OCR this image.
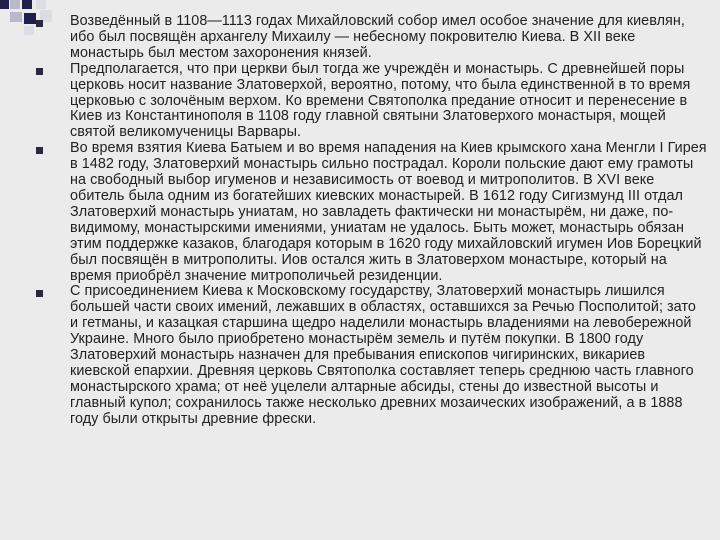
Возведённый в 1108—1113 годах Михайловский собор имел особое значение для киевлян, ибо был посвящён архангелу Михаилу — небесному покровителю Киева. В XII веке монастырь был местом захоронения князей.
Предполагается, что при церкви был тогда же учреждён и монастырь. С древнейшей поры церковь носит название Златоверхой, вероятно, потому, что была единственной в то время церковью с золочёным верхом. Ко времени Святополка предание относит и перенесение в Киев из Константинополя в 1108 году главной святыни Златоверхого монастыря, мощей святой великомученицы Варвары.
Во время взятия Киева Батыем и во время нападения на Киев крымского хана Менгли I Гирея в 1482 году, Златоверхий монастырь сильно пострадал. Короли польские дают ему грамоты на свободный выбор игуменов и независимость от воевод и митрополитов. В XVI веке обитель была одним из богатейших киевских монастырей. В 1612 году Сигизмунд III отдал Златоверхий монастырь униатам, но завладеть фактически ни монастырём, ни даже, по-видимому, монастырскими имениями, униатам не удалось. Быть может, монастырь обязан этим поддержке казаков, благодаря которым в 1620 году михайловский игумен Иов Борецкий был посвящён в митрополиты. Иов остался жить в Златоверхом монастыре, который на время приобрёл значение митрополичьей резиденции.
С присоединением Киева к Московскому государству, Златоверхий монастырь лишился большей части своих имений, лежавших в областях, оставшихся за Речью Посполитой; зато и гетманы, и казацкая старшина щедро наделили монастырь владениями на левобережной Украине. Много было приобретено монастырём земель и путём покупки. В 1800 году Златоверхий монастырь назначен для пребывания епископов чигиринских, викариев киевской епархии. Древняя церковь Святополка составляет теперь среднюю часть главного монастырского храма; от неё уцелели алтарные абсиды, стены до известной высоты и главный купол; сохранилось также несколько древних мозаических изображений, а в 1888 году были открыты древние фрески.
